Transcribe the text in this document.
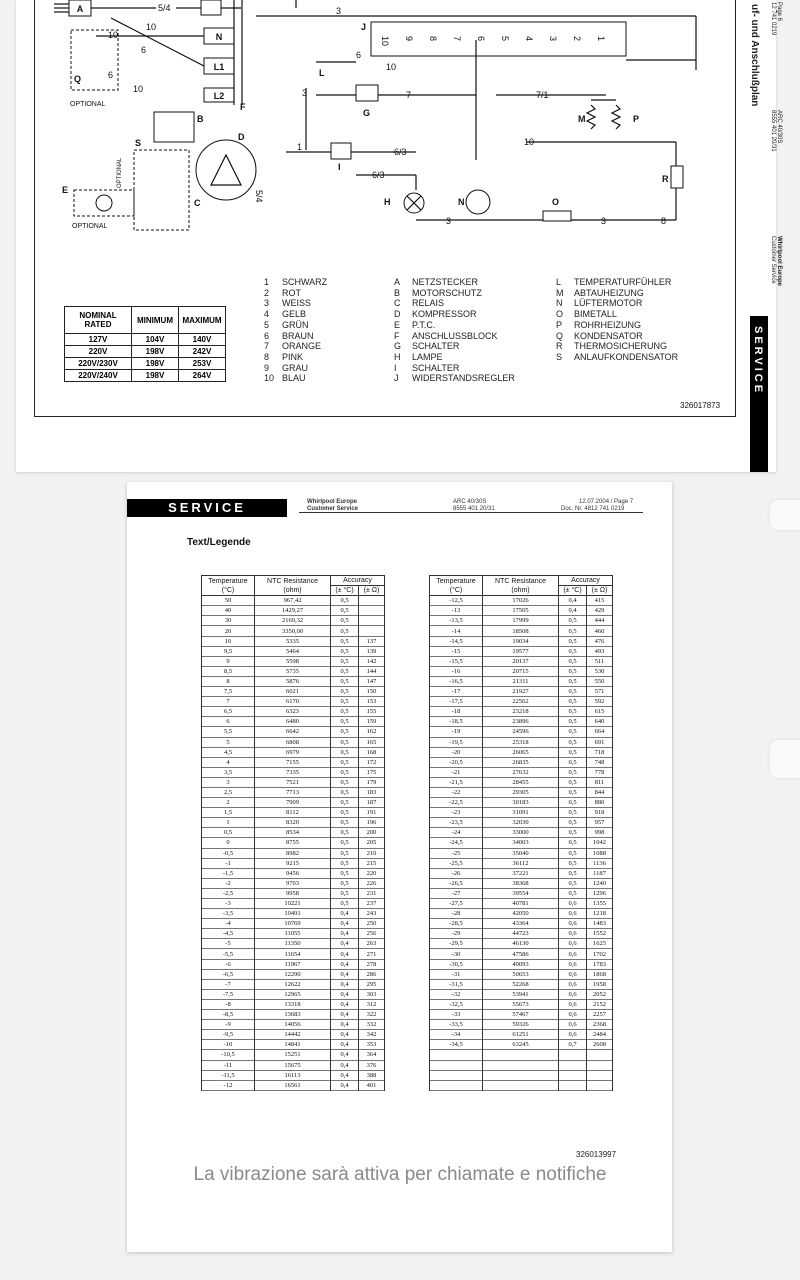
A	5/4
N
L1
L2
F
10
6
10
Q	6
OPTIONAL
10
3
J
10 9 8 7 6 5 4 3 2 1
6
10
L
3
G
7	7/1
M	P
10
R
1
I
6/3
6/3
H	N	O
3	3	8
B
S
D
5/4
OPTIONAL
C
E
OPTIONAL
1 SCHWARZ
2 ROT
3 WEISS
4 GELB
5 GRÜN
6 BRAUN
7 ORANGE
8 PINK
9 GRAU
10 BLAU
A NETZSTECKER
B MOTORSCHUTZ
C RELAIS
D KOMPRESSOR
E P.T.C.
F ANSCHLUSSBLOCK
G SCHALTER
H LAMPE
I SCHALTER
J WIDERSTANDSREGLER
L TEMPERATURFÜHLER
M ABTAUHEIZUNG
N LÜFTERMOTOR
O BIMETALL
P ROHRHEIZUNG
Q KONDENSATOR
R THERMOSICHERUNG
S ANLAUFKONDENSATOR
NOMINAL RATED	MINIMUM	MAXIMUM
127V	104V	140V
220V	198V	242V
220V/230V	198V	253V
220V/240V	198V	264V
326017873
uf- und Anschlußplan	Page 6
12 741 0219
ARC 40/30S
8555 401 20/31
Whirlpool Europe
Customer Service
SERVICE
SERVICE	Whirlpool Europe
Customer Service
ARC 40/30S
8555 401 20/31
12.07.2004 / Page 7
Doc. Nr. 4812 741 0219
Text/Legende
Temperature
(°C)	NTC Resistance
(ohm)	Accuracy	
		(± °C)	(± Ω)
50	967,42	0,5	
40	1429,27	0,5	
30	2169,32	0,5	
20	3350,00	0,5	
10	5335	0,5	137
9,5	5464	0,5	139
9	5598	0,5	142
8,5	5735	0,5	144
8	5876	0,5	147
7,5	6021	0,5	150
7	6170	0,5	153
6,5	6323	0,5	155
6	6480	0,5	159
5,5	6642	0,5	162
5	6808	0,5	165
4,5	6979	0,5	168
4	7155	0,5	172
3,5	7335	0,5	175
3	7521	0,5	179
2,5	7713	0,5	183
2	7909	0,5	187
1,5	8112	0,5	191
1	8320	0,5	196
0,5	8534	0,5	200
0	8755	0,5	205
-0,5	8982	0,5	210
-1	9215	0,5	215
-1,5	9456	0,5	220
-2	9703	0,5	226
-2,5	9958	0,5	231
-3	10221	0,5	237
-3,5	10491	0,4	243
-4	10769	0,4	250
-4,5	11055	0,4	256
-5	11350	0,4	263
-5,5	11654	0,4	271
-6	11967	0,4	278
-6,5	12290	0,4	286
-7	12622	0,4	295
-7,5	12965	0,4	303
-8	13318	0,4	312
-8,5	13683	0,4	322
-9	14056	0,4	332
-9,5	14442	0,4	342
-10	14841	0,4	353
-10,5	15251	0,4	364
-11	15675	0,4	376
-11,5	16113	0,4	388
-12	16561	0,4	401
Temperature
(°C)	NTC Resistance
(ohm)	Accuracy	
		(± °C)	(± Ω)
-12,5	17026	0,4	415
-13	17505	0,4	429
-13,5	17999	0,5	444
-14	18508	0,5	460
-14,5	19034	0,5	476
-15	19577	0,5	493
-15,5	20137	0,5	511
-16	20715	0,5	530
-16,5	21311	0,5	550
-17	21927	0,5	571
-17,5	22562	0,5	592
-18	23218	0,5	615
-18,5	23896	0,5	640
-19	24596	0,5	664
-19,5	25318	0,5	691
-20	26065	0,5	718
-20,5	26835	0,5	748
-21	27632	0,5	778
-21,5	28455	0,5	811
-22	29305	0,5	844
-22,5	30183	0,5	880
-23	31091	0,5	918
-23,5	32030	0,5	957
-24	33000	0,5	998
-24,5	34003	0,5	1042
-25	35040	0,5	1088
-25,5	36112	0,5	1136
-26	37221	0,5	1187
-26,5	38368	0,5	1240
-27	39554	0,5	1296
-27,5	40781	0,6	1355
-28	42050	0,6	1218
-28,5	43364	0,6	1483
-29	44723	0,6	1552
-29,5	46130	0,6	1625
-30	47586	0,6	1702
-30,5	49093	0,6	1783
-31	50653	0,6	1868
-31,5	52268	0,6	1958
-32	53941	0,6	2052
-32,5	55673	0,6	2152
-33	57467	0,6	2257
-33,5	59326	0,6	2368
-34	61251	0,6	2484
-34,5	63245	0,7	2608

326013997
La vibrazione sarà attiva per chiamate e notifiche
